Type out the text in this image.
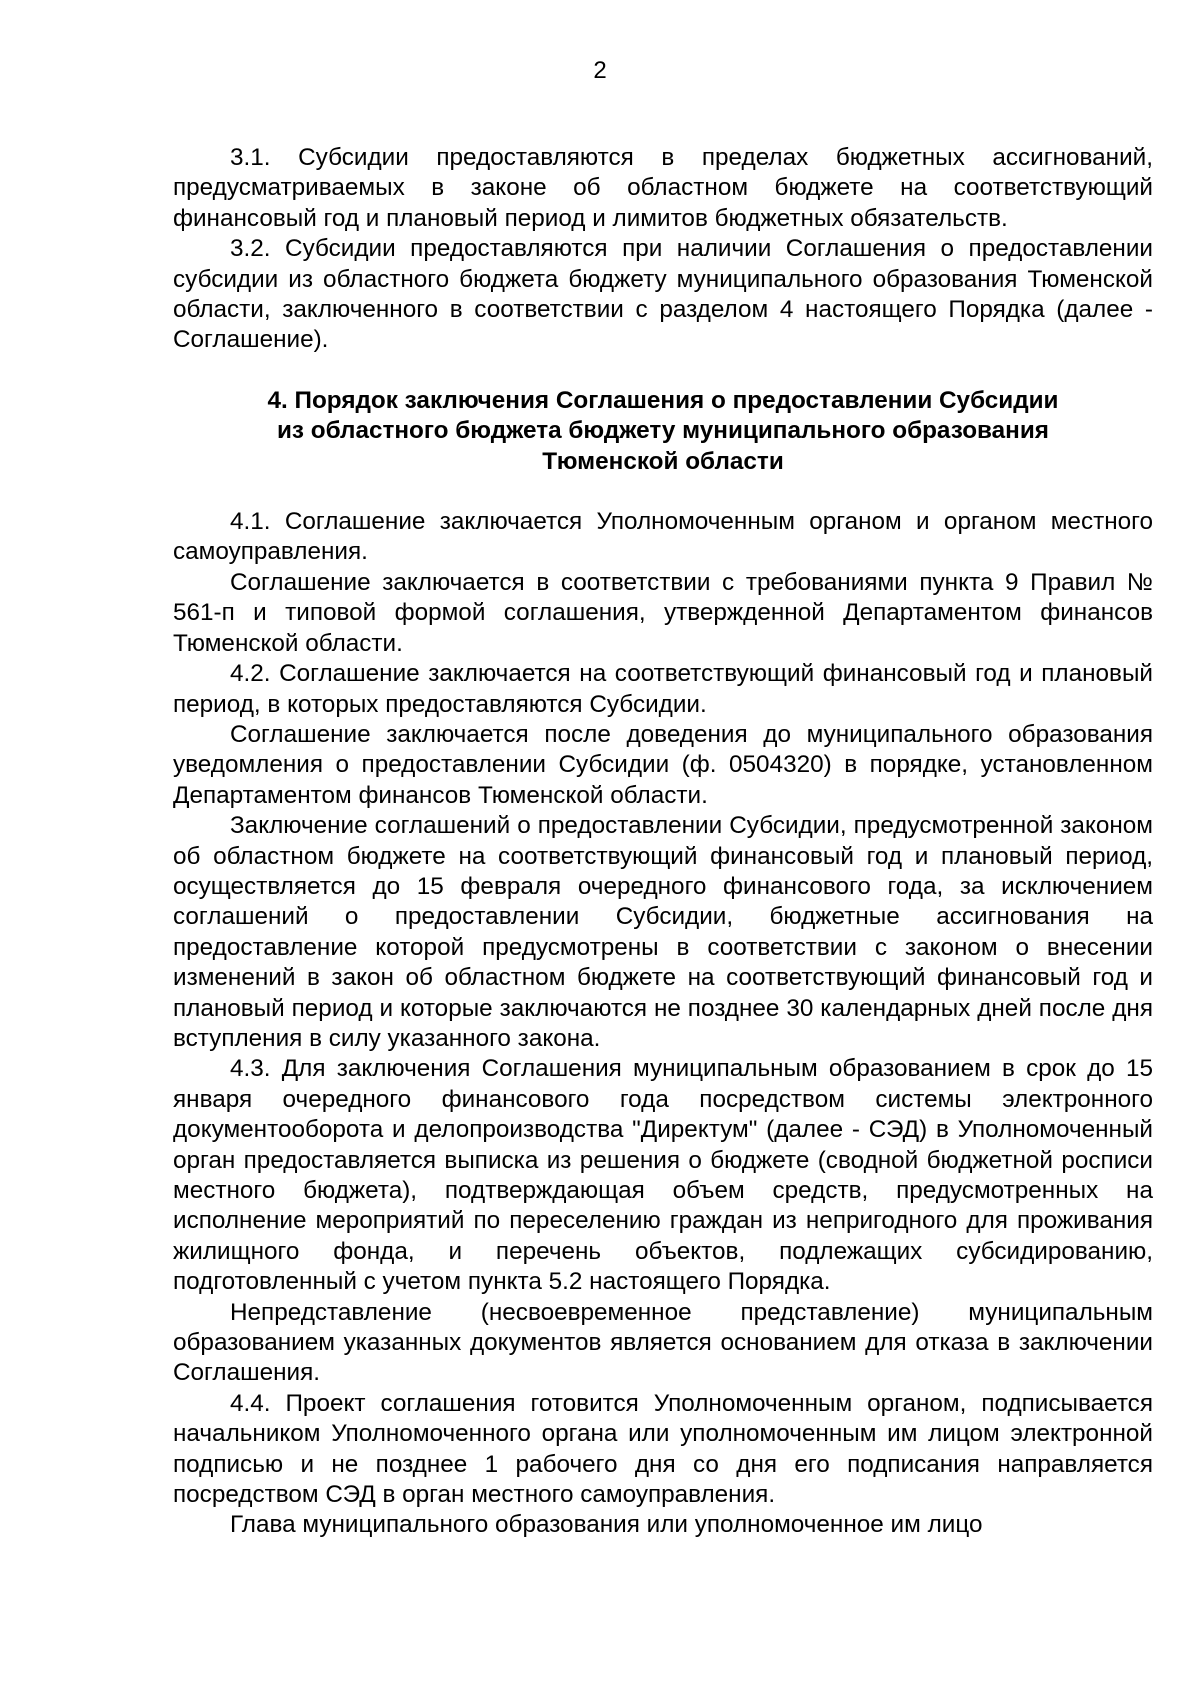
2

3.1. Субсидии предоставляются в пределах бюджетных ассигнований, предусматриваемых в законе об областном бюджете на соответствующий финансовый год и плановый период и лимитов бюджетных обязательств.

3.2. Субсидии предоставляются при наличии Соглашения о предоставлении субсидии из областного бюджета бюджету муниципального образования Тюменской области, заключенного в соответствии с разделом 4 настоящего Порядка (далее - Соглашение).

4. Порядок заключения Соглашения о предоставлении Субсидии
из областного бюджета бюджету муниципального образования
Тюменской области

4.1. Соглашение заключается Уполномоченным органом и органом местного самоуправления.

Соглашение заключается в соответствии с требованиями пункта 9 Правил № 561-п и типовой формой соглашения, утвержденной Департаментом финансов Тюменской области.

4.2. Соглашение заключается на соответствующий финансовый год и плановый период, в которых предоставляются Субсидии.

Соглашение заключается после доведения до муниципального образования уведомления о предоставлении Субсидии (ф. 0504320) в порядке, установленном Департаментом финансов Тюменской области.

Заключение соглашений о предоставлении Субсидии, предусмотренной законом об областном бюджете на соответствующий финансовый год и плановый период, осуществляется до 15 февраля очередного финансового года, за исключением соглашений о предоставлении Субсидии, бюджетные ассигнования на предоставление которой предусмотрены в соответствии с законом о внесении изменений в закон об областном бюджете на соответствующий финансовый год и плановый период и которые заключаются не позднее 30 календарных дней после дня вступления в силу указанного закона.

4.3. Для заключения Соглашения муниципальным образованием в срок до 15 января очередного финансового года посредством системы электронного документооборота и делопроизводства "Директум" (далее - СЭД) в Уполномоченный орган предоставляется выписка из решения о бюджете (сводной бюджетной росписи местного бюджета), подтверждающая объем средств, предусмотренных на исполнение мероприятий по переселению граждан из непригодного для проживания жилищного фонда, и перечень объектов, подлежащих субсидированию, подготовленный с учетом пункта 5.2 настоящего Порядка.

Непредставление (несвоевременное представление) муниципальным образованием указанных документов является основанием для отказа в заключении Соглашения.

4.4. Проект соглашения готовится Уполномоченным органом, подписывается начальником Уполномоченного органа или уполномоченным им лицом электронной подписью и не позднее 1 рабочего дня со дня его подписания направляется посредством СЭД в орган местного самоуправления.

Глава муниципального образования или уполномоченное им лицо
